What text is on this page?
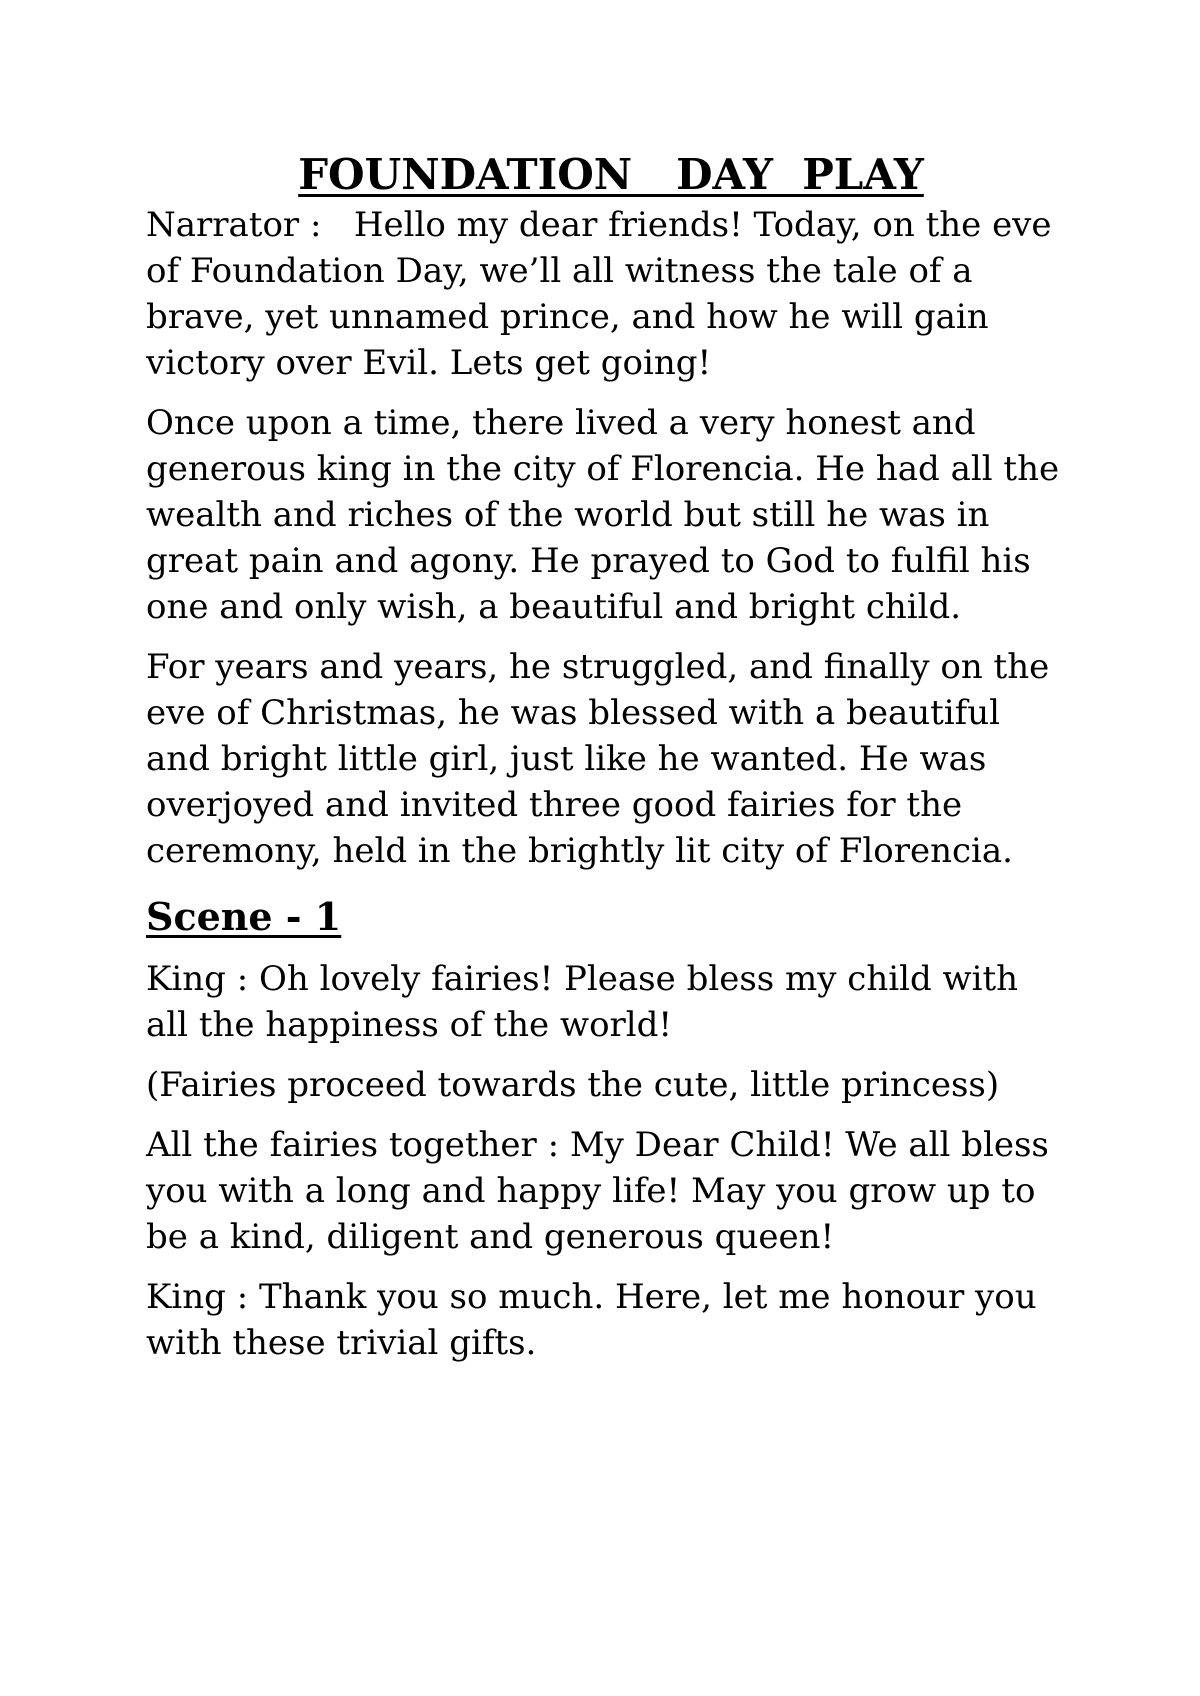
FOUNDATION   DAY  PLAY

Narrator :   Hello my dear friends! Today, on the eve of Foundation Day, we’ll all witness the tale of a brave, yet unnamed prince, and how he will gain victory over Evil. Lets get going!

Once upon a time, there lived a very honest and generous king in the city of Florencia. He had all the wealth and riches of the world but still he was in great pain and agony. He prayed to God to fulfil his one and only wish, a beautiful and bright child.

For years and years, he struggled, and finally on the eve of Christmas, he was blessed with a beautiful and bright little girl, just like he wanted. He was overjoyed and invited three good fairies for the ceremony, held in the brightly lit city of Florencia.

Scene - 1

King : Oh lovely fairies! Please bless my child with all the happiness of the world!

(Fairies proceed towards the cute, little princess)

All the fairies together : My Dear Child! We all bless you with a long and happy life! May you grow up to be a kind, diligent and generous queen!

King : Thank you so much. Here, let me honour you with these trivial gifts.
